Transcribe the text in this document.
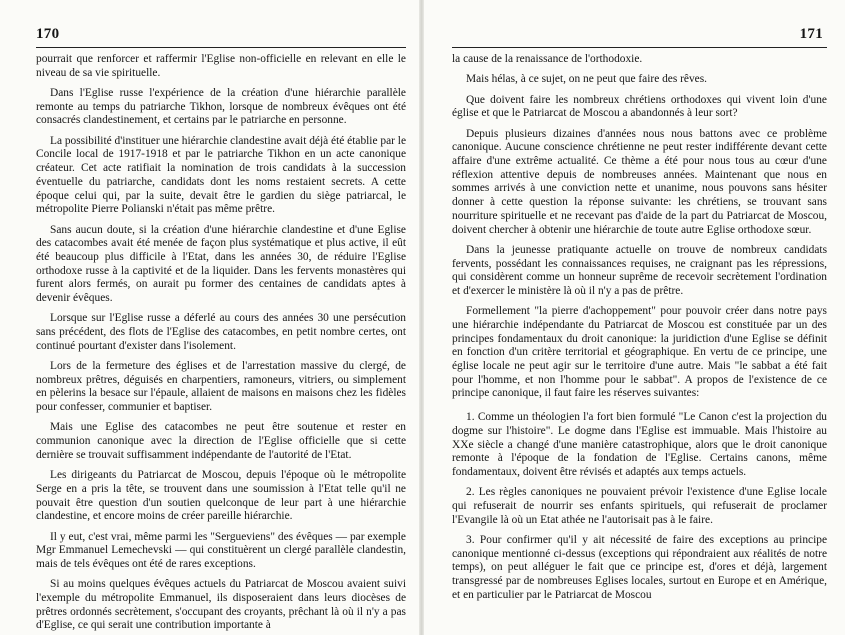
170

pourrait que renforcer et raffermir l'Eglise non-officielle en relevant en elle le niveau de sa vie spirituelle.

Dans l'Eglise russe l'expérience de la création d'une hiérarchie parallèle remonte au temps du patriarche Tikhon, lorsque de nombreux évêques ont été consacrés clandestinement, et certains par le patriarche en personne.

La possibilité d'instituer une hiérarchie clandestine avait déjà été établie par le Concile local de 1917-1918 et par le patriarche Tikhon en un acte canonique créateur. Cet acte ratifiait la nomination de trois candidats à la succession éventuelle du patriarche, candidats dont les noms restaient secrets. A cette époque celui qui, par la suite, devait être le gardien du siège patriarcal, le métropolite Pierre Polianski n'était pas même prêtre.

Sans aucun doute, si la création d'une hiérarchie clandestine et d'une Eglise des catacombes avait été menée de façon plus systématique et plus active, il eût été beaucoup plus difficile à l'Etat, dans les années 30, de réduire l'Eglise orthodoxe russe à la captivité et de la liquider. Dans les fervents monastères qui furent alors fermés, on aurait pu former des centaines de candidats aptes à devenir évêques.

Lorsque sur l'Eglise russe a déferlé au cours des années 30 une persécution sans précédent, des flots de l'Eglise des catacombes, en petit nombre certes, ont continué pourtant d'exister dans l'isolement.

Lors de la fermeture des églises et de l'arrestation massive du clergé, de nombreux prêtres, déguisés en charpentiers, ramoneurs, vitriers, ou simplement en pèlerins la besace sur l'épaule, allaient de maisons en maisons chez les fidèles pour confesser, communier et baptiser.

Mais une Eglise des catacombes ne peut être soutenue et rester en communion canonique avec la direction de l'Eglise officielle que si cette dernière se trouvait suffisamment indépendante de l'autorité de l'Etat.

Les dirigeants du Patriarcat de Moscou, depuis l'époque où le métropolite Serge en a pris la tête, se trouvent dans une soumission à l'Etat telle qu'il ne pouvait être question d'un soutien quelconque de leur part à une hiérarchie clandestine, et encore moins de créer pareille hiérarchie.

Il y eut, c'est vrai, même parmi les "Sergueviens" des évêques — par exemple Mgr Emmanuel Lemechevski — qui constituèrent un clergé parallèle clandestin, mais de tels évêques ont été de rares exceptions.

Si au moins quelques évêques actuels du Patriarcat de Moscou avaient suivi l'exemple du métropolite Emmanuel, ils disposeraient dans leurs diocèses de prêtres ordonnés secrètement, s'occupant des croyants, prêchant là où il n'y a pas d'Eglise, ce qui serait une contribution importante à

171

la cause de la renaissance de l'orthodoxie.

Mais hélas, à ce sujet, on ne peut que faire des rêves.

Que doivent faire les nombreux chrétiens orthodoxes qui vivent loin d'une église et que le Patriarcat de Moscou a abandonnés à leur sort?

Depuis plusieurs dizaines d'années nous nous battons avec ce problème canonique. Aucune conscience chrétienne ne peut rester indifférente devant cette affaire d'une extrême actualité. Ce thème a été pour nous tous au cœur d'une réflexion attentive depuis de nombreuses années. Maintenant que nous en sommes arrivés à une conviction nette et unanime, nous pouvons sans hésiter donner à cette question la réponse suivante: les chrétiens, se trouvant sans nourriture spirituelle et ne recevant pas d'aide de la part du Patriarcat de Moscou, doivent chercher à obtenir une hiérarchie de toute autre Eglise orthodoxe sœur.

Dans la jeunesse pratiquante actuelle on trouve de nombreux candidats fervents, possédant les connaissances requises, ne craignant pas les répressions, qui considèrent comme un honneur suprême de recevoir secrètement l'ordination et d'exercer le ministère là où il n'y a pas de prêtre.

Formellement "la pierre d'achoppement" pour pouvoir créer dans notre pays une hiérarchie indépendante du Patriarcat de Moscou est constituée par un des principes fondamentaux du droit canonique: la juridiction d'une Eglise se définit en fonction d'un critère territorial et géographique. En vertu de ce principe, une église locale ne peut agir sur le territoire d'une autre. Mais "le sabbat a été fait pour l'homme, et non l'homme pour le sabbat". A propos de l'existence de ce principe canonique, il faut faire les réserves suivantes:

1. Comme un théologien l'a fort bien formulé "Le Canon c'est la projection du dogme sur l'histoire". Le dogme dans l'Eglise est immuable. Mais l'histoire au XXe siècle a changé d'une manière catastrophique, alors que le droit canonique remonte à l'époque de la fondation de l'Eglise. Certains canons, même fondamentaux, doivent être révisés et adaptés aux temps actuels.

2. Les règles canoniques ne pouvaient prévoir l'existence d'une Eglise locale qui refuserait de nourrir ses enfants spirituels, qui refuserait de proclamer l'Evangile là où un Etat athée ne l'autorisait pas à le faire.

3. Pour confirmer qu'il y ait nécessité de faire des exceptions au principe canonique mentionné ci-dessus (exceptions qui répondraient aux réalités de notre temps), on peut alléguer le fait que ce principe est, d'ores et déjà, largement transgressé par de nombreuses Eglises locales, surtout en Europe et en Amérique, et en particulier par le Patriarcat de Moscou
